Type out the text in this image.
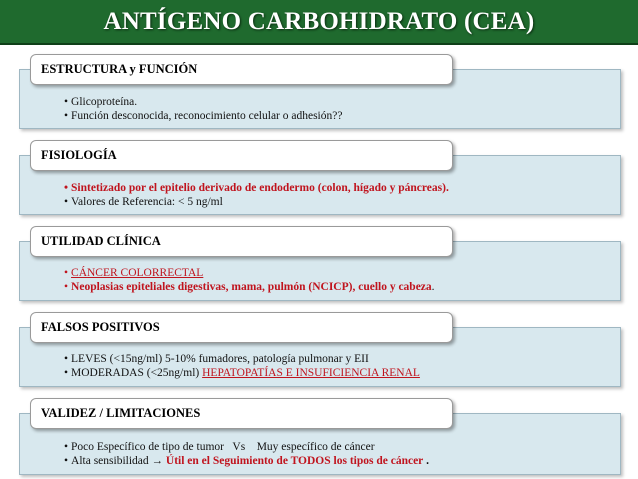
ANTÍGENO CARBOHIDRATO (CEA)
ESTRUCTURA y FUNCIÓN
• Glicoproteína.
• Función desconocida, reconocimiento celular o adhesión??
FISIOLOGÍA
• Sintetizado por el epitelio derivado de endodermo (colon, hígado y páncreas).
• Valores de Referencia: < 5 ng/ml
UTILIDAD CLÍNICA
• CÁNCER COLORRECTAL
• Neoplasias epiteliales digestivas, mama, pulmón (NCICP), cuello y cabeza.
FALSOS POSITIVOS
• LEVES (<15ng/ml) 5-10% fumadores, patología pulmonar y EII
• MODERADAS (<25ng/ml) HEPATOPATÍAS E INSUFICIENCIA RENAL
VALIDEZ / LIMITACIONES
• Poco Específico de tipo de tumor   Vs    Muy específico de cáncer
• Alta sensibilidad → Útil en el Seguimiento de TODOS los tipos de cáncer .
